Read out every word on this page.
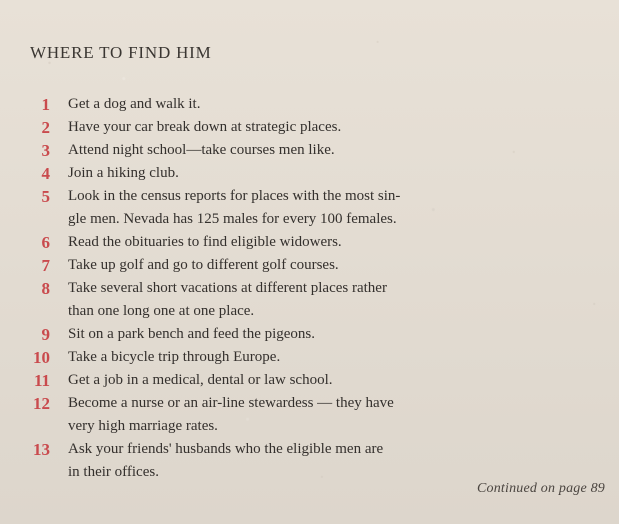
WHERE TO FIND HIM
1 Get a dog and walk it.
2 Have your car break down at strategic places.
3 Attend night school—take courses men like.
4 Join a hiking club.
5 Look in the census reports for places with the most sin-
gle men. Nevada has 125 males for every 100 females.
6 Read the obituaries to find eligible widowers.
7 Take up golf and go to different golf courses.
8 Take several short vacations at different places rather
than one long one at one place.
9 Sit on a park bench and feed the pigeons.
10 Take a bicycle trip through Europe.
11 Get a job in a medical, dental or law school.
12 Become a nurse or an air-line stewardess — they have
very high marriage rates.
13 Ask your friends' husbands who the eligible men are
in their offices.
Continued on page 89
